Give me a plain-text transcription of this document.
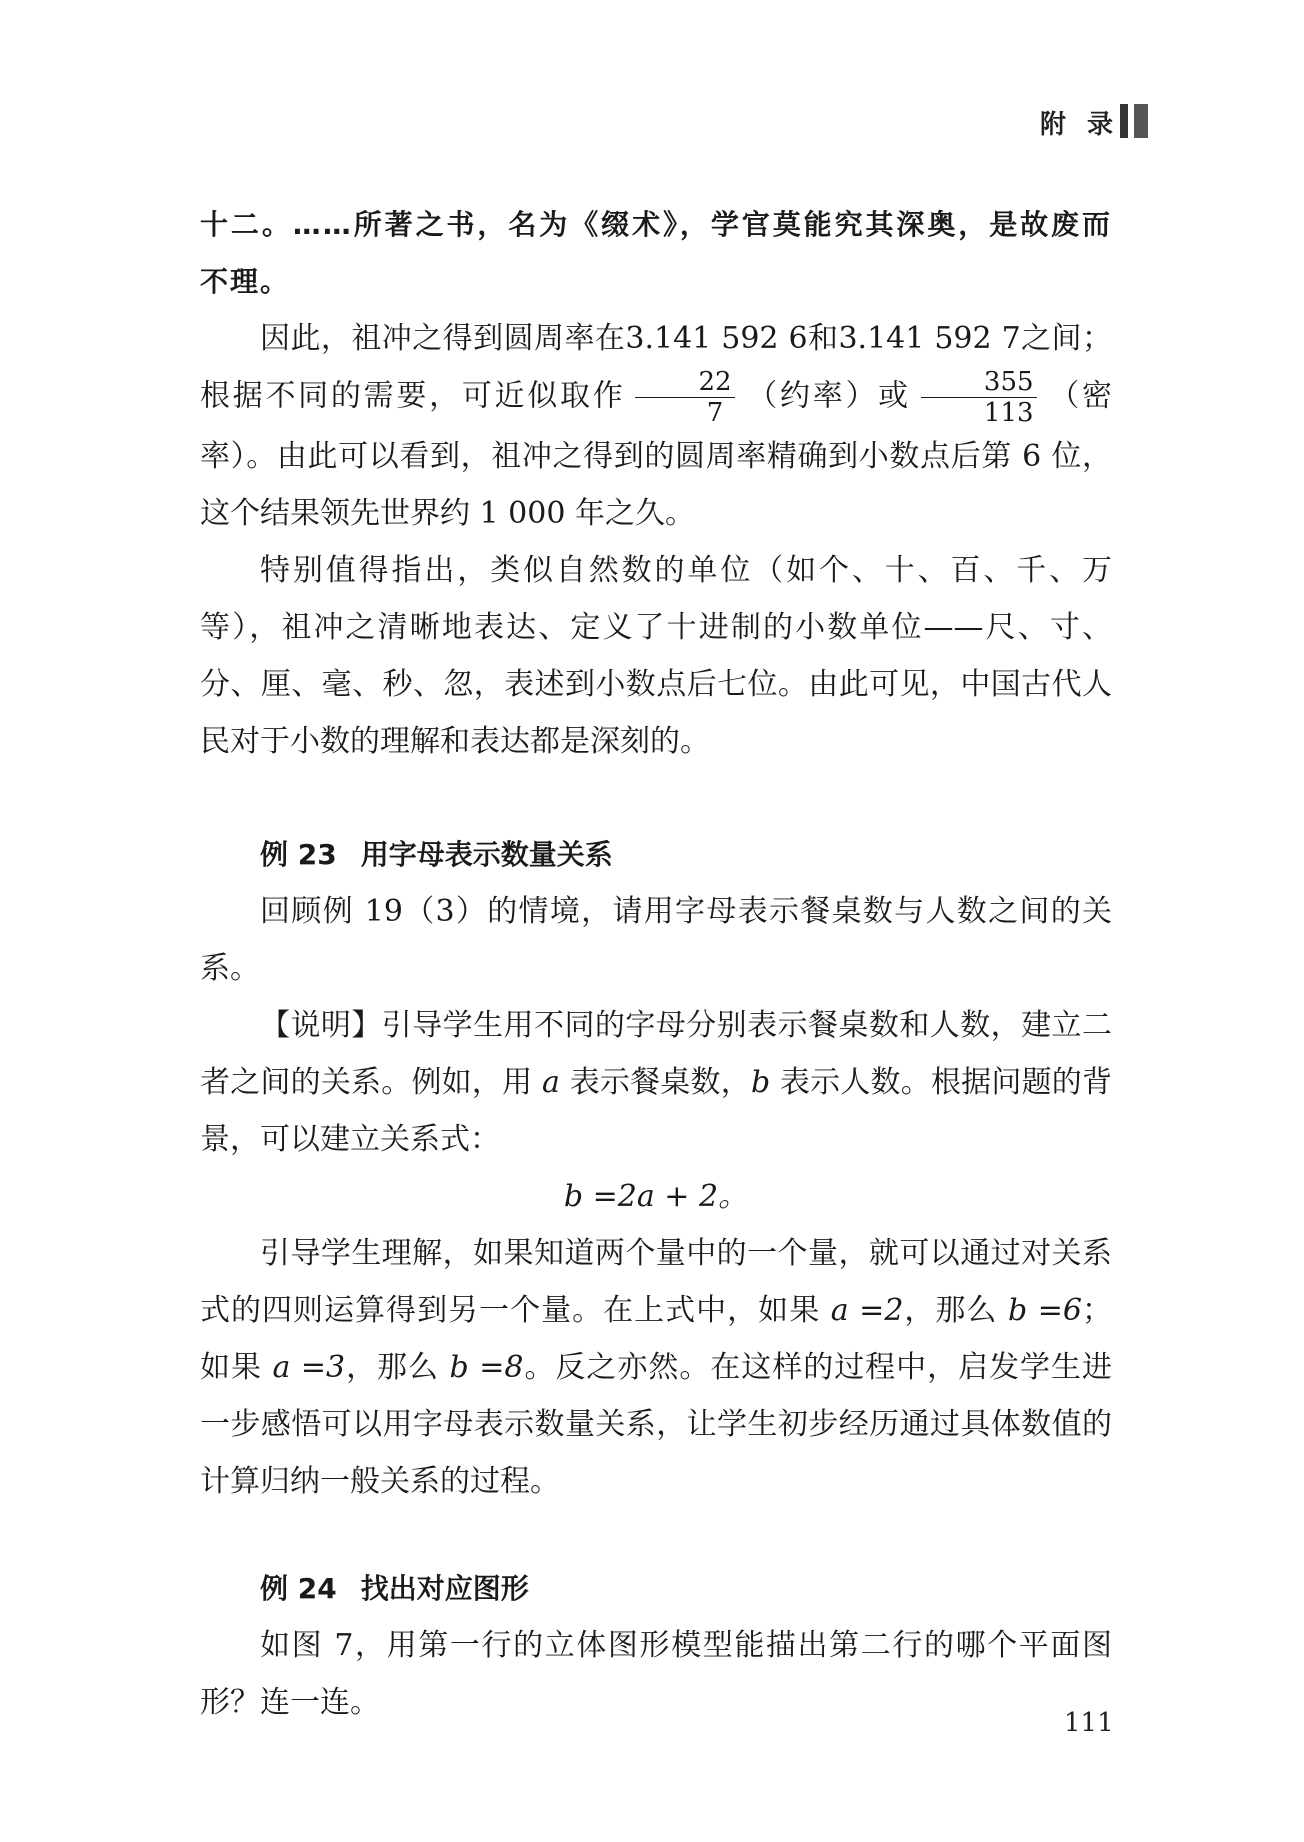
附 录

十二。……所著之书，名为《缀术》，学官莫能究其深奥，是故废而不理。

因此，祖冲之得到圆周率在3.141 592 6和3.141 592 7之间；根据不同的需要，可近似取作 $\frac{22}{7}$ （约率）或 $\frac{355}{113}$ （密率）。由此可以看到，祖冲之得到的圆周率精确到小数点后第 6 位，这个结果领先世界约 1 000 年之久。

特别值得指出，类似自然数的单位（如个、十、百、千、万等），祖冲之清晰地表达、定义了十进制的小数单位——尺、寸、分、厘、毫、秒、忽，表述到小数点后七位。由此可见，中国古代人民对于小数的理解和表达都是深刻的。

例 23 用字母表示数量关系

回顾例 19（3）的情境，请用字母表示餐桌数与人数之间的关系。

【说明】引导学生用不同的字母分别表示餐桌数和人数，建立二者之间的关系。例如，用 a 表示餐桌数，b 表示人数。根据问题的背景，可以建立关系式：

b =2a + 2。

引导学生理解，如果知道两个量中的一个量，就可以通过对关系式的四则运算得到另一个量。在上式中，如果 a =2，那么 b =6；如果 a =3，那么 b =8。反之亦然。在这样的过程中，启发学生进一步感悟可以用字母表示数量关系，让学生初步经历通过具体数值的计算归纳一般关系的过程。

例 24 找出对应图形

如图 7，用第一行的立体图形模型能描出第二行的哪个平面图形？连一连。

111
